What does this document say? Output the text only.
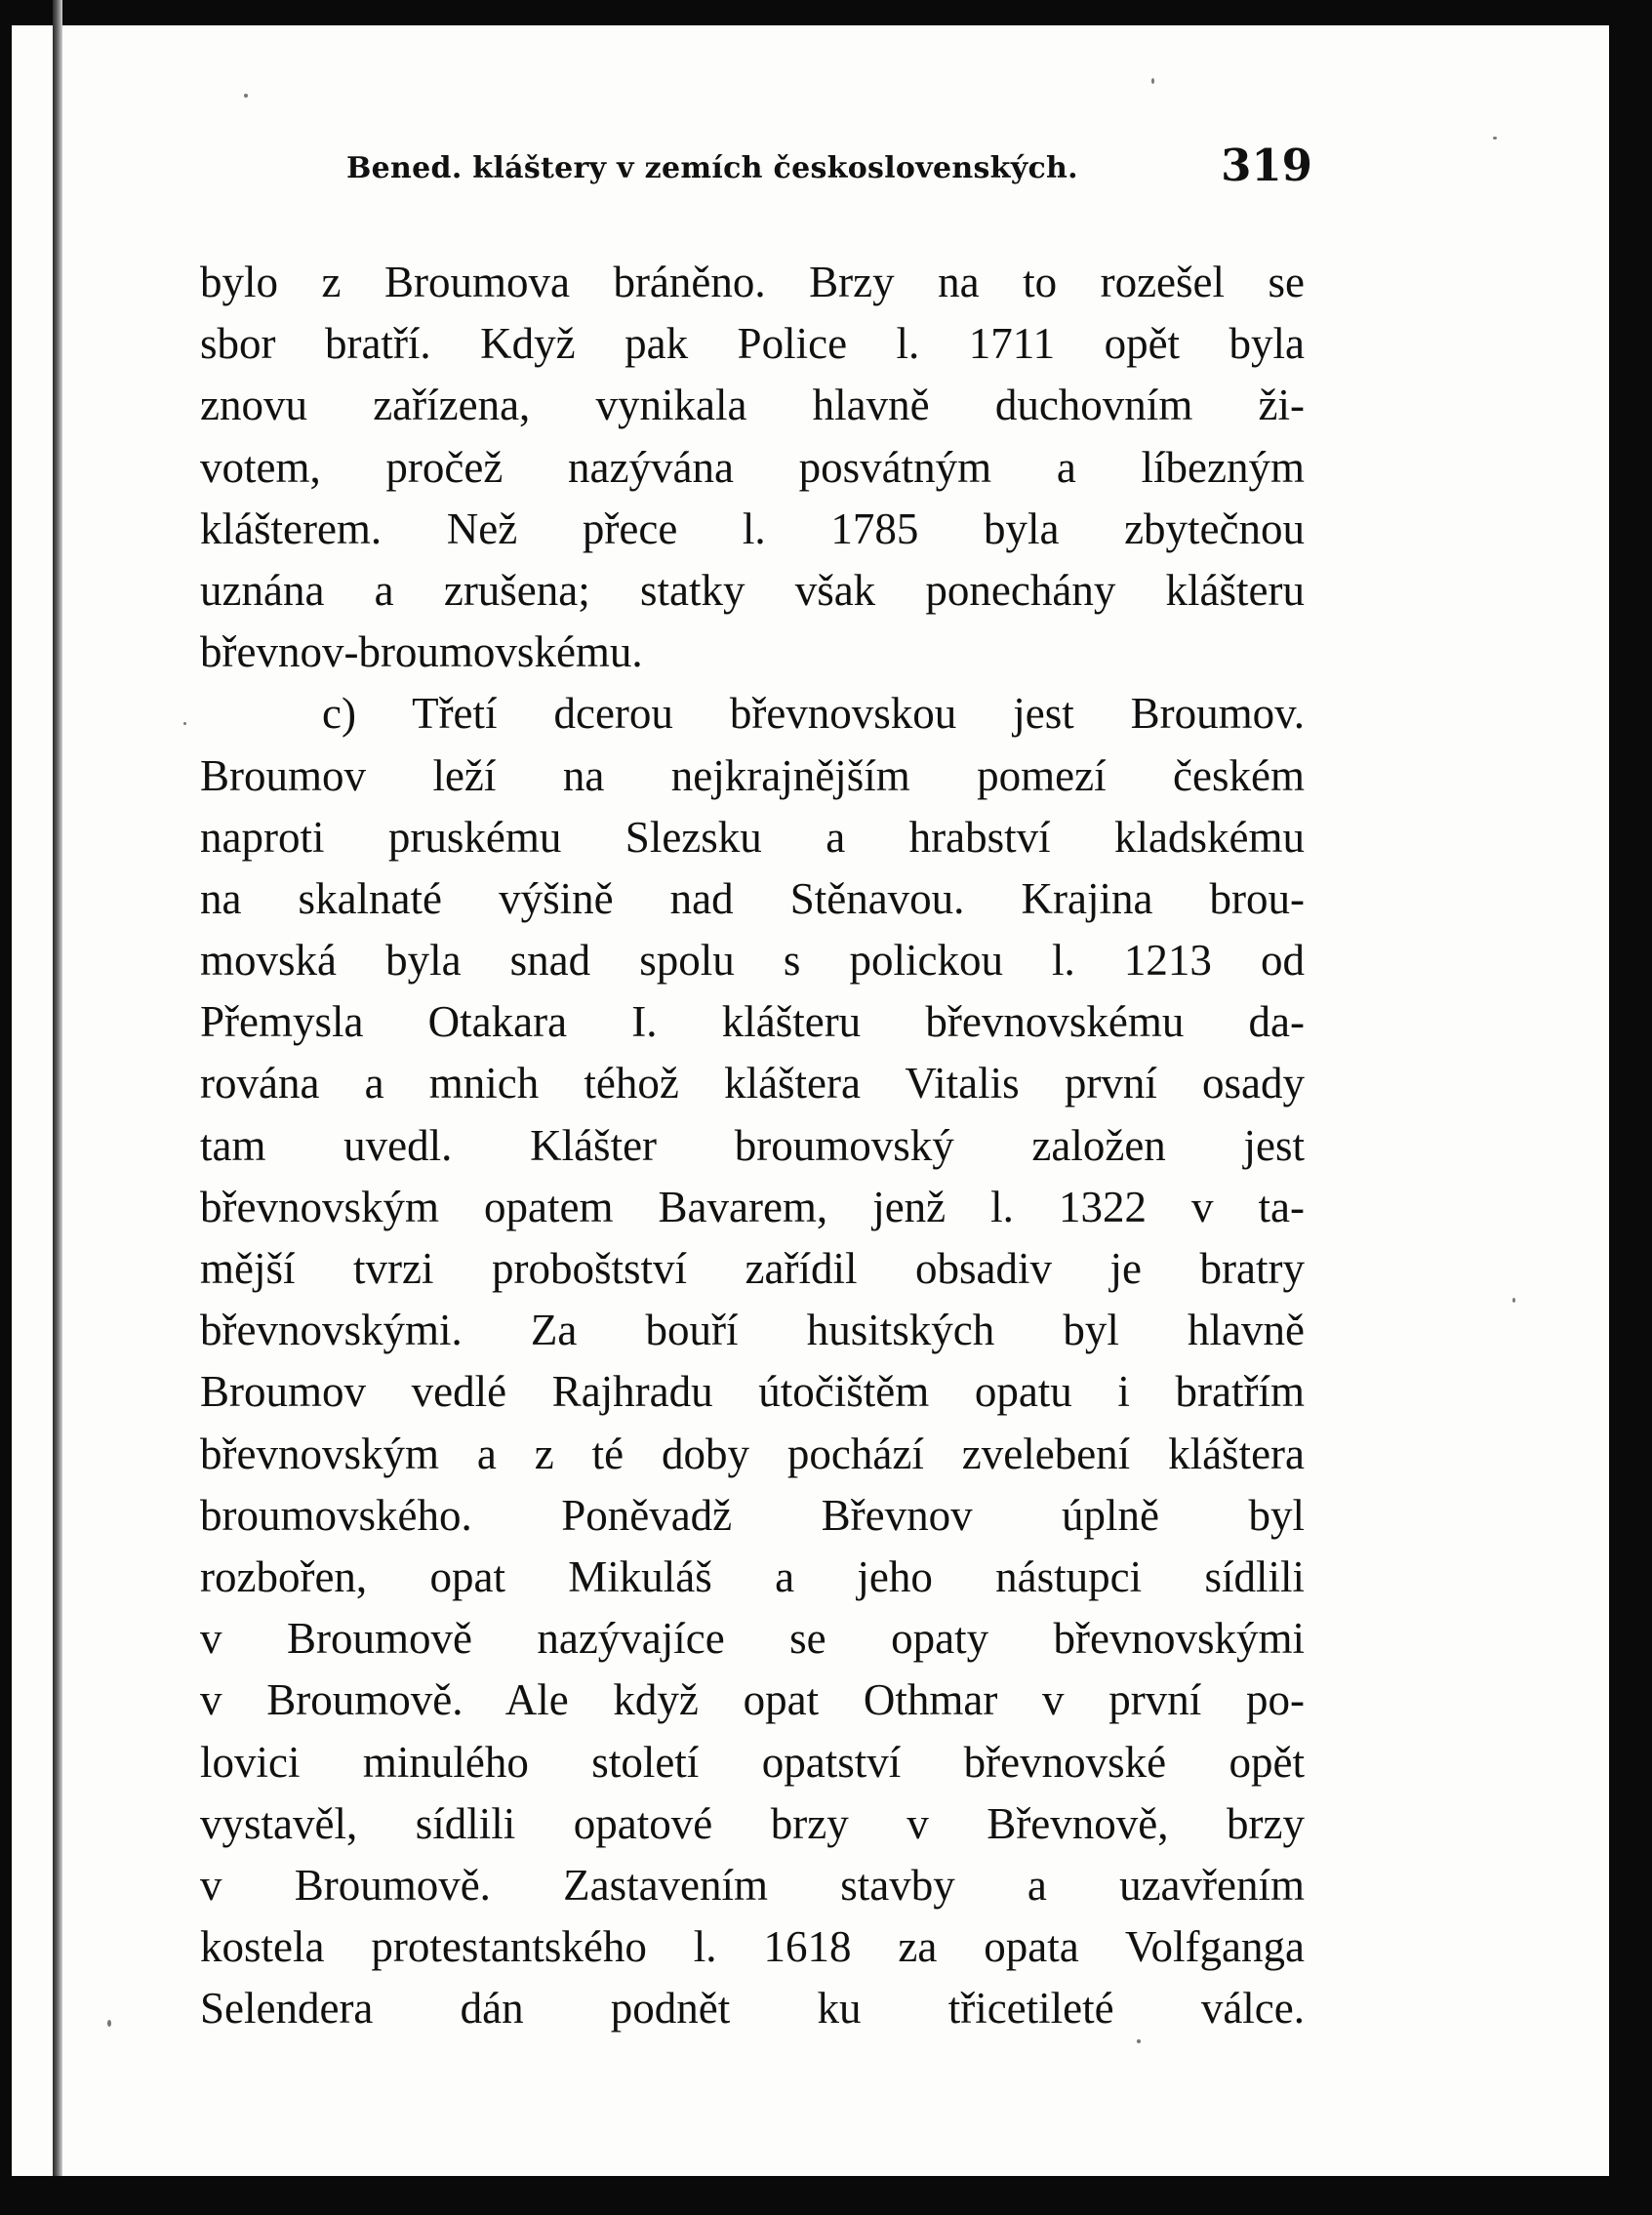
Bened. kláštery v zemích československých.	319
bylo z Broumova bráněno. Brzy na to rozešel se
sbor bratří. Když pak Police l. 1711 opět byla
znovu zařízena, vynikala hlavně duchovním ži-
votem, pročež nazývána posvátným a líbezným
klášterem. Než přece l. 1785 byla zbytečnou
uznána a zrušena; statky však ponechány klášteru
břevnov-broumovskému.
c) Třetí dcerou břevnovskou jest Broumov.
Broumov leží na nejkrajnějším pomezí českém
naproti pruskému Slezsku a hrabství kladskému
na skalnaté výšině nad Stěnavou. Krajina brou-
movská byla snad spolu s polickou l. 1213 od
Přemysla Otakara I. klášteru břevnovskému da-
rována a mnich téhož kláštera Vitalis první osady
tam uvedl. Klášter broumovský založen jest
břevnovským opatem Bavarem, jenž l. 1322 v ta-
mější tvrzi proboštství zařídil obsadiv je bratry
břevnovskými. Za bouří husitských byl hlavně
Broumov vedlé Rajhradu útočištěm opatu i bratřím
břevnovským a z té doby pochází zvelebení kláštera
broumovského. Poněvadž Břevnov úplně byl
rozbořen, opat Mikuláš a jeho nástupci sídlili
v Broumově nazývajíce se opaty břevnovskými
v Broumově. Ale když opat Othmar v první po-
lovici minulého století opatství břevnovské opět
vystavěl, sídlili opatové brzy v Břevnově, brzy
v Broumově. Zastavením stavby a uzavřením
kostela protestantského l. 1618 za opata Volfganga
Selendera dán podnět ku třicetileté válce.
